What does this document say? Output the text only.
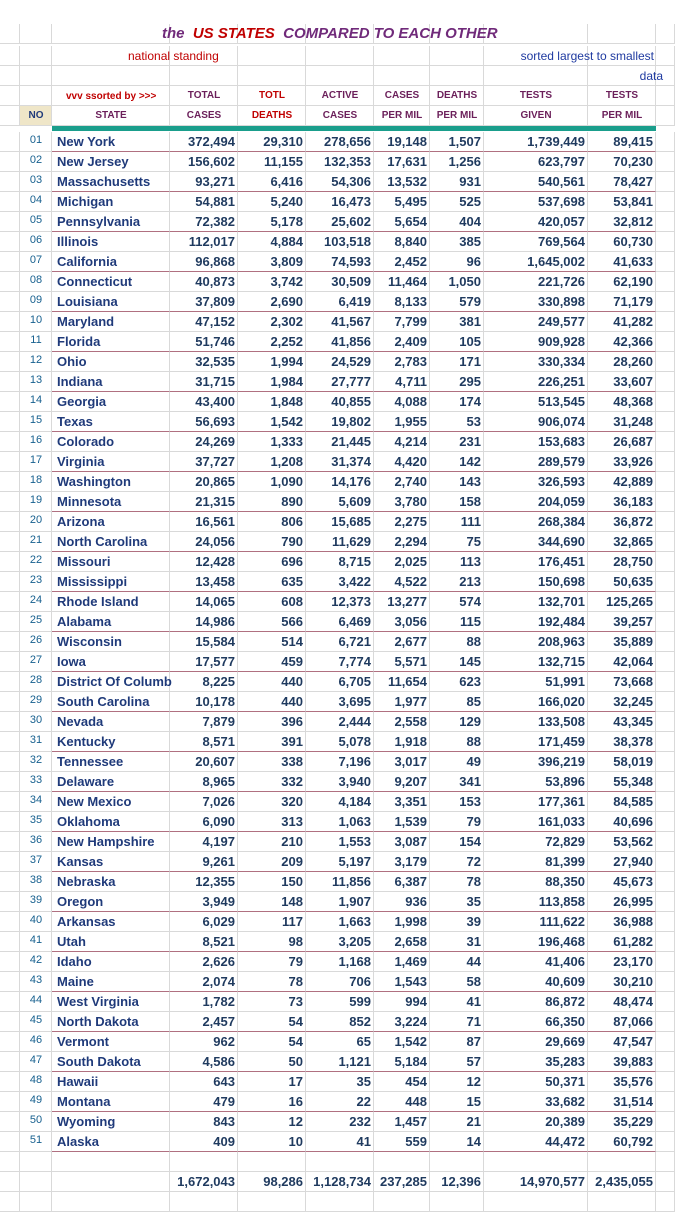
the US STATES COMPARED TO EACH OTHER
national standing	sorted largest to smallest
data
vvv ssorted by >>>	TOTAL	TOTL	ACTIVE	CASES	DEATHS	TESTS	TESTS
NO	STATE	CASES	DEATHS	CASES	PER MIL	PER MIL	GIVEN	PER MIL
01	New York	372,494 29,310 278,656 19,148 1,507	1,739,449 89,415
02	New Jersey	156,602 11,155 132,353 17,631 1,256	623,797 70,230
03	Massachusetts	93,271	6,416 54,306 13,532 931	540,561 78,427
04	Michigan	54,881	5,240 16,473 5,495 525	537,698 53,841
05	Pennsylvania	72,382	5,178 25,602 5,654 404	420,057 32,812
06	Illinois	112,017	4,884 103,518 8,840 385	769,564 60,730
07	California	96,868	3,809 74,593 2,452	96	1,645,002 41,633
08	Connecticut	40,873	3,742 30,509 11,464 1,050	221,726 62,190
09	Louisiana	37,809	2,690	6,419 8,133 579	330,898 71,179
10	Maryland	47,152	2,302 41,567 7,799 381	249,577 41,282
11	Florida	51,746	2,252 41,856 2,409 105	909,928 42,366
12	Ohio	32,535	1,994 24,529 2,783 171	330,334 28,260
13	Indiana	31,715	1,984 27,777 4,711 295	226,251 33,607
14	Georgia	43,400	1,848 40,855 4,088 174	513,545 48,368
15	Texas	56,693	1,542 19,802 1,955	53	906,074 31,248
16	Colorado	24,269	1,333 21,445 4,214 231	153,683 26,687
17	Virginia	37,727	1,208 31,374 4,420 142	289,579 33,926
18	Washington	20,865	1,090 14,176 2,740 143	326,593 42,889
19	Minnesota	21,315	890	5,609 3,780 158	204,059 36,183
20	Arizona	16,561	806 15,685 2,275	111	268,384 36,872
21	North Carolina	24,056	790 11,629 2,294	75	344,690 32,865
22	Missouri	12,428	696	8,715 2,025	113	176,451 28,750
23	Mississippi	13,458	635	3,422 4,522 213	150,698 50,635
24	Rhode Island	14,065	608 12,373 13,277 574	132,701 125,265
25	Alabama	14,986	566	6,469 3,056	115	192,484 39,257
26	Wisconsin	15,584	514	6,721 2,677	88	208,963 35,889
27	Iowa	17,577	459	7,774 5,571 145	132,715 42,064
28	District Of Columb 8,225	440	6,705 11,654 623	51,991 73,668
29	South Carolina	10,178	440	3,695 1,977	85	166,020 32,245
30	Nevada	7,879	396	2,444 2,558 129	133,508 43,345
31	Kentucky	8,571	391	5,078 1,918	88	171,459 38,378
32	Tennessee	20,607	338	7,196 3,017	49	396,219 58,019
33	Delaware	8,965	332	3,940 9,207 341	53,896 55,348
34	New Mexico	7,026	320	4,184 3,351 153	177,361 84,585
35	Oklahoma	6,090	313	1,063 1,539	79	161,033 40,696
36	New Hampshire	4,197	210	1,553 3,087 154	72,829 53,562
37	Kansas	9,261	209	5,197 3,179	72	81,399 27,940
38	Nebraska	12,355	150 11,856 6,387	78	88,350 45,673
39	Oregon	3,949	148	1,907	936	35	113,858 26,995
40	Arkansas	6,029	117	1,663 1,998	39	111,622 36,988
41	Utah	8,521	98	3,205 2,658	31	196,468 61,282
42	Idaho	2,626	79	1,168 1,469	44	41,406 23,170
43	Maine	2,074	78	706 1,543	58	40,609 30,210
44	West Virginia	1,782	73	599	994	41	86,872 48,474
45	North Dakota	2,457	54	852 3,224	71	66,350 87,066
46	Vermont	962	54	65 1,542	87	29,669 47,547
47	South Dakota	4,586	50	1,121 5,184	57	35,283 39,883
48	Hawaii	643	17	35	454	12	50,371 35,576
49	Montana	479	16	22	448	15	33,682 31,514
50	Wyoming	843	12	232 1,457	21	20,389 35,229
51	Alaska	409	10	41	559	14	44,472 60,792
1,672,043 98,286 1,128,734 237,285 12,396	14,970,577 2,435,055
